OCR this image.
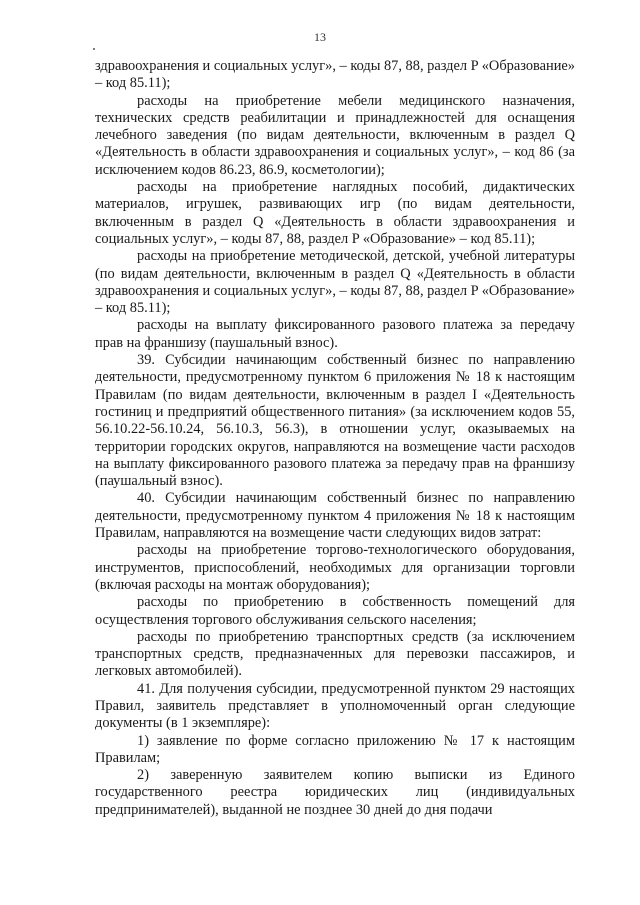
13

здравоохранения и социальных услуг», – коды 87, 88, раздел P «Образование» – код 85.11);

расходы на приобретение мебели медицинского назначения, технических средств реабилитации и принадлежностей для оснащения лечебного заведения (по видам деятельности, включенным в раздел Q «Деятельность в области здравоохранения и социальных услуг», – код 86 (за исключением кодов 86.23, 86.9, косметологии);

расходы на приобретение наглядных пособий, дидактических материалов, игрушек, развивающих игр (по видам деятельности, включенным в раздел Q «Деятельность в области здравоохранения и социальных услуг», – коды 87, 88, раздел P «Образование» – код 85.11);

расходы на приобретение методической, детской, учебной литературы (по видам деятельности, включенным в раздел Q «Деятельность в области здравоохранения и социальных услуг», – коды 87, 88, раздел P «Образование» – код 85.11);

расходы на выплату фиксированного разового платежа за передачу прав на франшизу (паушальный взнос).

39. Субсидии начинающим собственный бизнес по направлению деятельности, предусмотренному пунктом 6 приложения № 18 к настоящим Правилам (по видам деятельности, включенным в раздел I «Деятельность гостиниц и предприятий общественного питания» (за исключением кодов 55, 56.10.22-56.10.24, 56.10.3, 56.3), в отношении услуг, оказываемых на территории городских округов, направляются на возмещение части расходов на выплату фиксированного разового платежа за передачу прав на франшизу (паушальный взнос).

40. Субсидии начинающим собственный бизнес по направлению деятельности, предусмотренному пунктом 4 приложения № 18 к настоящим Правилам, направляются на возмещение части следующих видов затрат:

расходы на приобретение торгово-технологического оборудования, инструментов, приспособлений, необходимых для организации торговли (включая расходы на монтаж оборудования);

расходы по приобретению в собственность помещений для осуществления торгового обслуживания сельского населения;

расходы по приобретению транспортных средств (за исключением транспортных средств, предназначенных для перевозки пассажиров, и легковых автомобилей).

41. Для получения субсидии, предусмотренной пунктом 29 настоящих Правил, заявитель представляет в уполномоченный орган следующие документы (в 1 экземпляре):

1) заявление по форме согласно приложению № 17 к настоящим Правилам;

2) заверенную заявителем копию выписки из Единого государственного реестра юридических лиц (индивидуальных предпринимателей), выданной не позднее 30 дней до дня подачи
